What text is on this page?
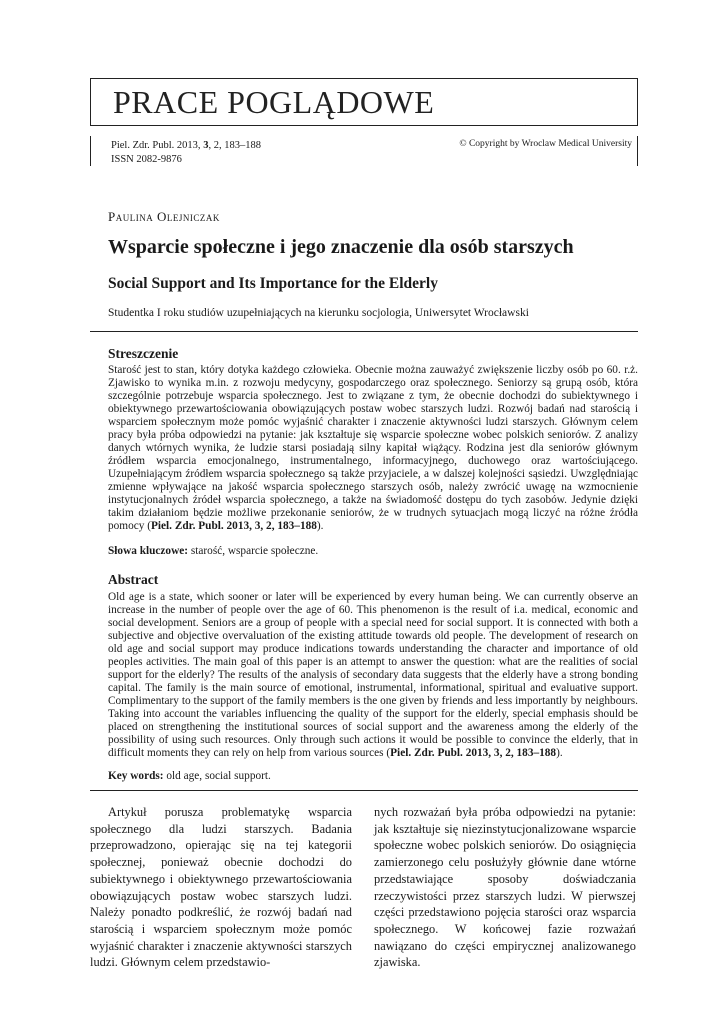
PRACE POGLĄDOWE
Piel. Zdr. Publ. 2013, 3, 2, 183–188
ISSN 2082-9876
© Copyright by Wroclaw Medical University
Paulina Olejniczak
Wsparcie społeczne i jego znaczenie dla osób starszych
Social Support and Its Importance for the Elderly
Studentka I roku studiów uzupełniających na kierunku socjologia, Uniwersytet Wrocławski
Streszczenie
Starość jest to stan, który dotyka każdego człowieka. Obecnie można zauważyć zwiększenie liczby osób po 60. r.ż. Zjawisko to wynika m.in. z rozwoju medycyny, gospodarczego oraz społecznego. Seniorzy są grupą osób, która szczególnie potrzebuje wsparcia społecznego. Jest to związane z tym, że obecnie dochodzi do subiektywnego i obiektywnego przewartościowania obowiązujących postaw wobec starszych ludzi. Rozwój badań nad starością i wsparciem społecznym może pomóc wyjaśnić charakter i znaczenie aktywności ludzi starszych. Głównym celem pracy była próba odpowiedzi na pytanie: jak kształtuje się wsparcie społeczne wobec polskich seniorów. Z analizy danych wtórnych wynika, że ludzie starsi posiadają silny kapitał wiążący. Rodzina jest dla seniorów głównym źródłem wsparcia emocjonalnego, instrumentalnego, informacyjnego, duchowego oraz wartościującego. Uzupełniającym źródłem wsparcia społecznego są także przyjaciele, a w dalszej kolejności sąsiedzi. Uwzględniając zmienne wpływające na jakość wsparcia społecznego starszych osób, należy zwrócić uwagę na wzmocnienie instytucjonalnych źródeł wsparcia społecznego, a także na świadomość dostępu do tych zasobów. Jedynie dzięki takim działaniom będzie możliwe przekonanie seniorów, że w trudnych sytuacjach mogą liczyć na różne źródła pomocy (Piel. Zdr. Publ. 2013, 3, 2, 183–188).
Słowa kluczowe: starość, wsparcie społeczne.
Abstract
Old age is a state, which sooner or later will be experienced by every human being. We can currently observe an increase in the number of people over the age of 60. This phenomenon is the result of i.a. medical, economic and social development. Seniors are a group of people with a special need for social support. It is connected with both a subjective and objective overvaluation of the existing attitude towards old people. The development of research on old age and social support may produce indications towards understanding the character and importance of old peoples activities. The main goal of this paper is an attempt to answer the question: what are the realities of social support for the elderly? The results of the analysis of secondary data suggests that the elderly have a strong bonding capital. The family is the main source of emotional, instrumental, informational, spiritual and evaluative support. Complimentary to the support of the family members is the one given by friends and less importantly by neighbours. Taking into account the variables influencing the quality of the support for the elderly, special emphasis should be placed on strengthening the institutional sources of social support and the awareness among the elderly of the possibility of using such resources. Only through such actions it would be possible to convince the elderly, that in difficult moments they can rely on help from various sources (Piel. Zdr. Publ. 2013, 3, 2, 183–188).
Key words: old age, social support.
Artykuł porusza problematykę wsparcia społecznego dla ludzi starszych. Badania przeprowadzono, opierając się na tej kategorii społecznej, ponieważ obecnie dochodzi do subiektywnego i obiektywnego przewartościowania obowiązujących postaw wobec starszych ludzi. Należy ponadto podkreślić, że rozwój badań nad starością i wsparciem społecznym może pomóc wyjaśnić charakter i znaczenie aktywności starszych ludzi. Głównym celem przedstawio-
nych rozważań była próba odpowiedzi na pytanie: jak kształtuje się niezinstytucjonalizowane wsparcie społeczne wobec polskich seniorów. Do osiągnięcia zamierzonego celu posłużyły głównie dane wtórne przedstawiające sposoby doświadczania rzeczywistości przez starszych ludzi. W pierwszej części przedstawiono pojęcia starości oraz wsparcia społecznego. W końcowej fazie rozważań nawiązano do części empirycznej analizowanego zjawiska.
